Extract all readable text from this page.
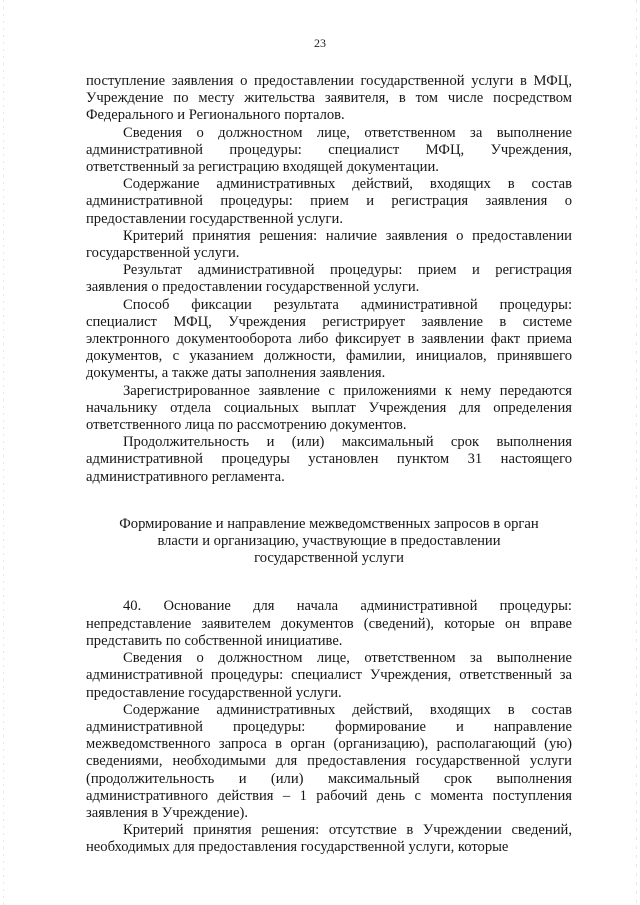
23

поступление заявления о предоставлении государственной услуги в МФЦ, Учреждение по месту жительства заявителя, в том числе посредством Федерального и Регионального порталов.

Сведения о должностном лице, ответственном за выполнение административной процедуры: специалист МФЦ, Учреждения, ответственный за регистрацию входящей документации.

Содержание административных действий, входящих в состав административной процедуры: прием и регистрация заявления о предоставлении государственной услуги.

Критерий принятия решения: наличие заявления о предоставлении государственной услуги.

Результат административной процедуры: прием и регистрация заявления о предоставлении государственной услуги.

Способ фиксации результата административной процедуры: специалист МФЦ, Учреждения регистрирует заявление в системе электронного документооборота либо фиксирует в заявлении факт приема документов, с указанием должности, фамилии, инициалов, принявшего документы, а также даты заполнения заявления.

Зарегистрированное заявление с приложениями к нему передаются начальнику отдела социальных выплат Учреждения для определения ответственного лица по рассмотрению документов.

Продолжительность и (или) максимальный срок выполнения административной процедуры установлен пунктом 31 настоящего административного регламента.

Формирование и направление межведомственных запросов в орган
власти и организацию, участвующие в предоставлении
государственной услуги

40. Основание для начала административной процедуры: непредставление заявителем документов (сведений), которые он вправе представить по собственной инициативе.

Сведения о должностном лице, ответственном за выполнение административной процедуры: специалист Учреждения, ответственный за предоставление государственной услуги.

Содержание административных действий, входящих в состав административной процедуры: формирование и направление межведомственного запроса в орган (организацию), располагающий (ую) сведениями, необходимыми для предоставления государственной услуги (продолжительность и (или) максимальный срок выполнения административного действия – 1 рабочий день с момента поступления заявления в Учреждение).

Критерий принятия решения: отсутствие в Учреждении сведений, необходимых для предоставления государственной услуги, которые
